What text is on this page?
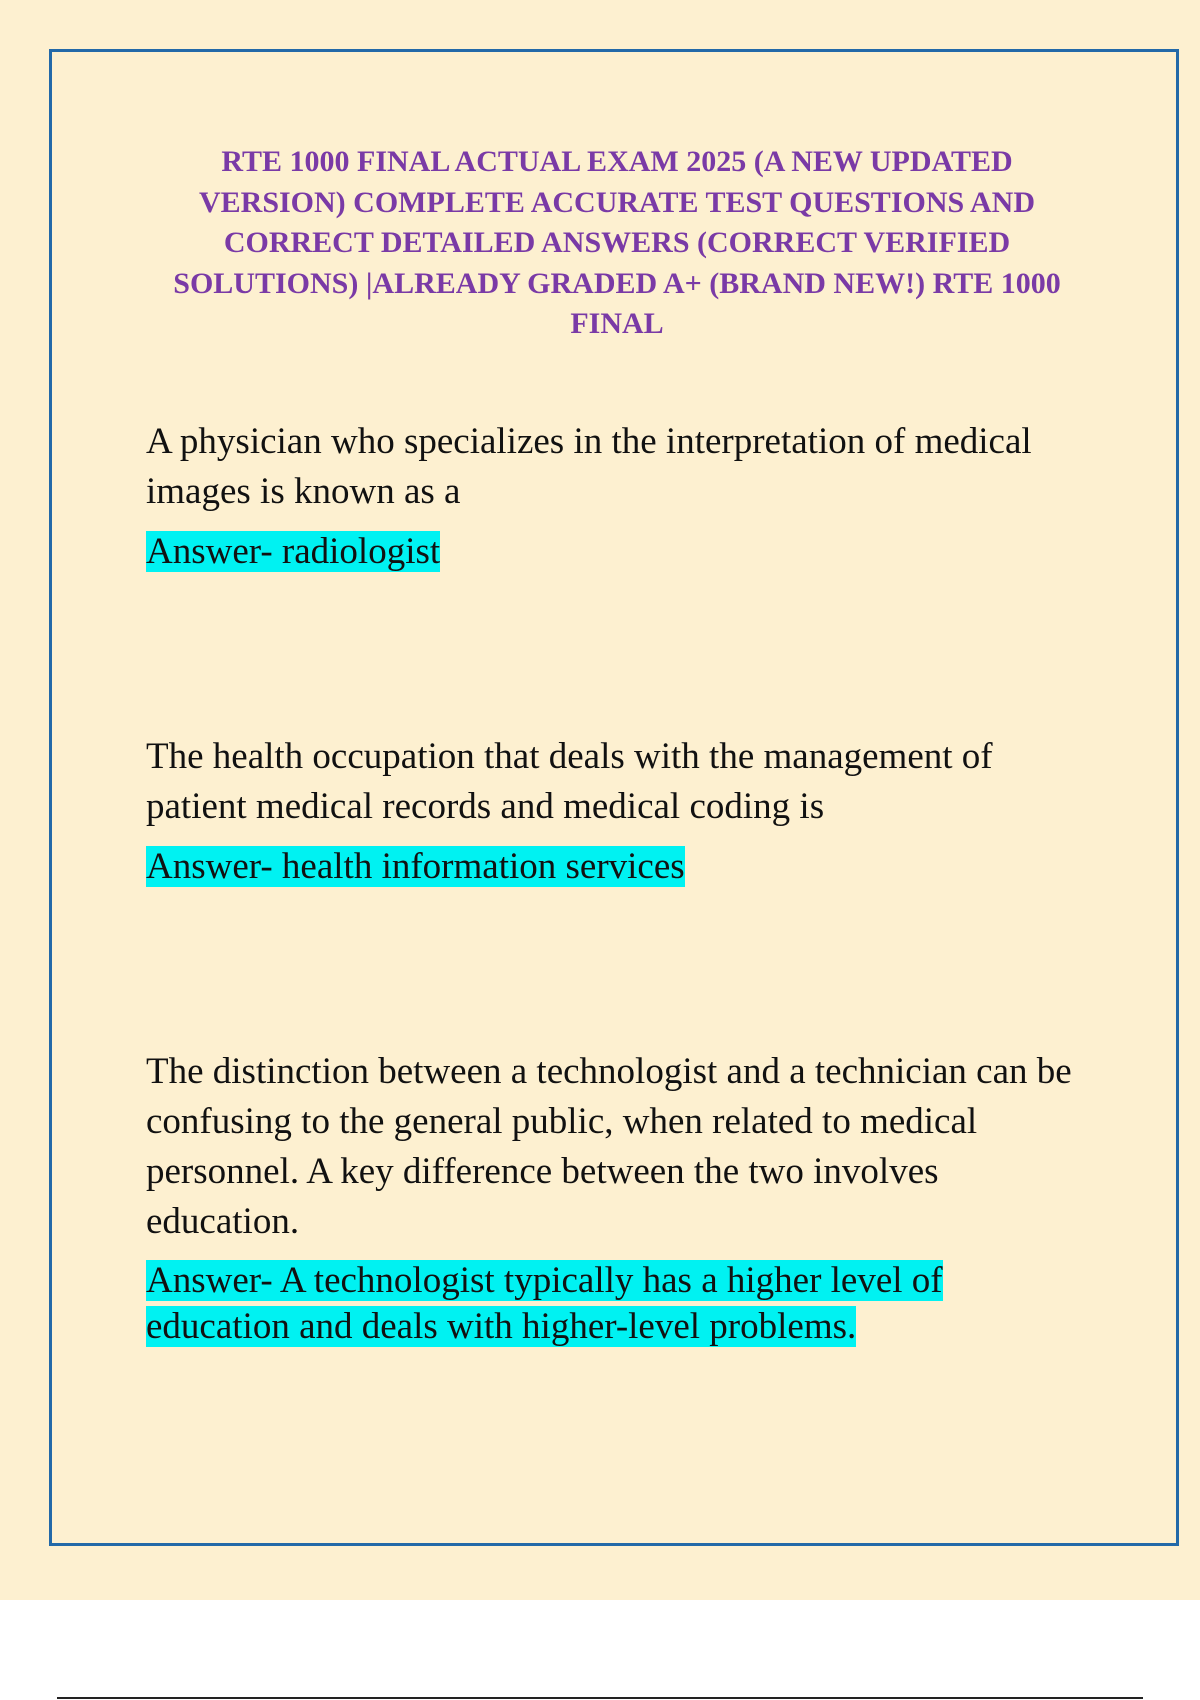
RTE 1000 FINAL ACTUAL EXAM 2025 (A NEW UPDATED VERSION) COMPLETE ACCURATE TEST QUESTIONS AND CORRECT DETAILED ANSWERS (CORRECT VERIFIED SOLUTIONS) |ALREADY GRADED A+ (BRAND NEW!) RTE 1000 FINAL

A physician who specializes in the interpretation of medical images is known as a

Answer- radiologist

The health occupation that deals with the management of patient medical records and medical coding is

Answer- health information services

The distinction between a technologist and a technician can be confusing to the general public, when related to medical personnel. A key difference between the two involves education.

Answer- A technologist typically has a higher level of education and deals with higher-level problems.
